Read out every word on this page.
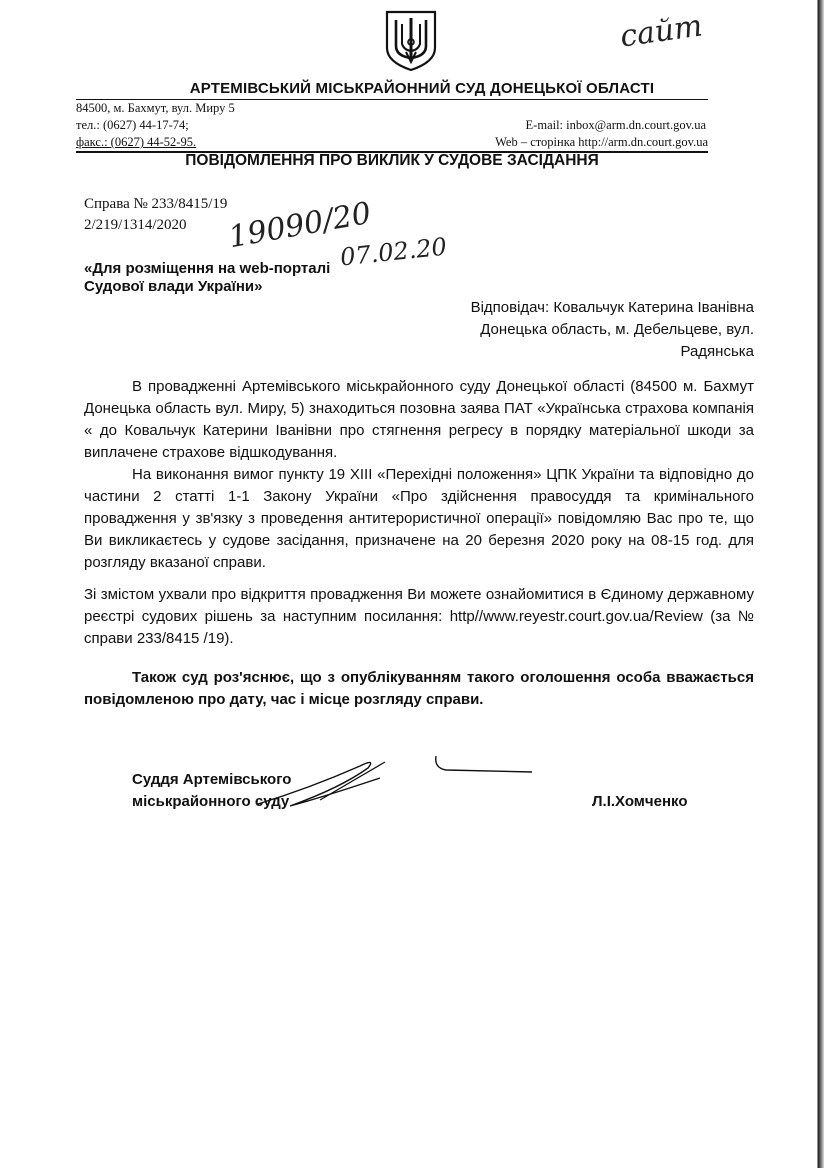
сайт
АРТЕМІВСЬКИЙ МІСЬКРАЙОННИЙ СУД ДОНЕЦЬКОЇ ОБЛАСТІ
84500, м. Бахмут, вул. Миру 5
тел.: (0627) 44-17-74;
факс.: (0627) 44-52-95.
E-mail: inbox@arm.dn.court.gov.ua
Web – сторінка http://arm.dn.court.gov.ua
ПОВІДОМЛЕННЯ ПРО ВИКЛИК У СУДОВЕ ЗАСІДАННЯ
Справа № 233/8415/19
2/219/1314/2020 19090/20
07.02.20
«Для розміщення на web-порталі
Судової влади України»
Відповідач: Ковальчук Катерина Іванівна
Донецька область, м. Дебельцеве, вул.
Радянська
В провадженні Артемівського міськрайонного суду Донецької області (84500 м. Бахмут Донецька область вул. Миру, 5) знаходиться позовна заява ПАТ «Українська страхова компанія « до Ковальчук Катерини Іванівни про стягнення регресу в порядку матеріальної шкоди за виплачене страхове відшкодування.
На виконання вимог пункту 19 XIII «Перехідні положення» ЦПК України та відповідно до частини 2 статті 1-1 Закону України «Про здійснення правосуддя та кримінального провадження у зв'язку з проведення антитерористичної операції» повідомляю Вас про те, що Ви викликаєтесь у судове засідання, призначене на 20 березня 2020 року на 08-15 год. для розгляду вказаної справи.
Зі змістом ухвали про відкриття провадження Ви можете ознайомитися в Єдиному державному реєстрі судових рішень за наступним посилання: http//www.reyestr.court.gov.ua/Review (за № справи 233/8415 /19).
Також суд роз'яснює, що з опублікуванням такого оголошення особа вважається повідомленою про дату, час і місце розгляду справи.
Суддя Артемівського
міськрайонного суду	Л.І.Хомченко
